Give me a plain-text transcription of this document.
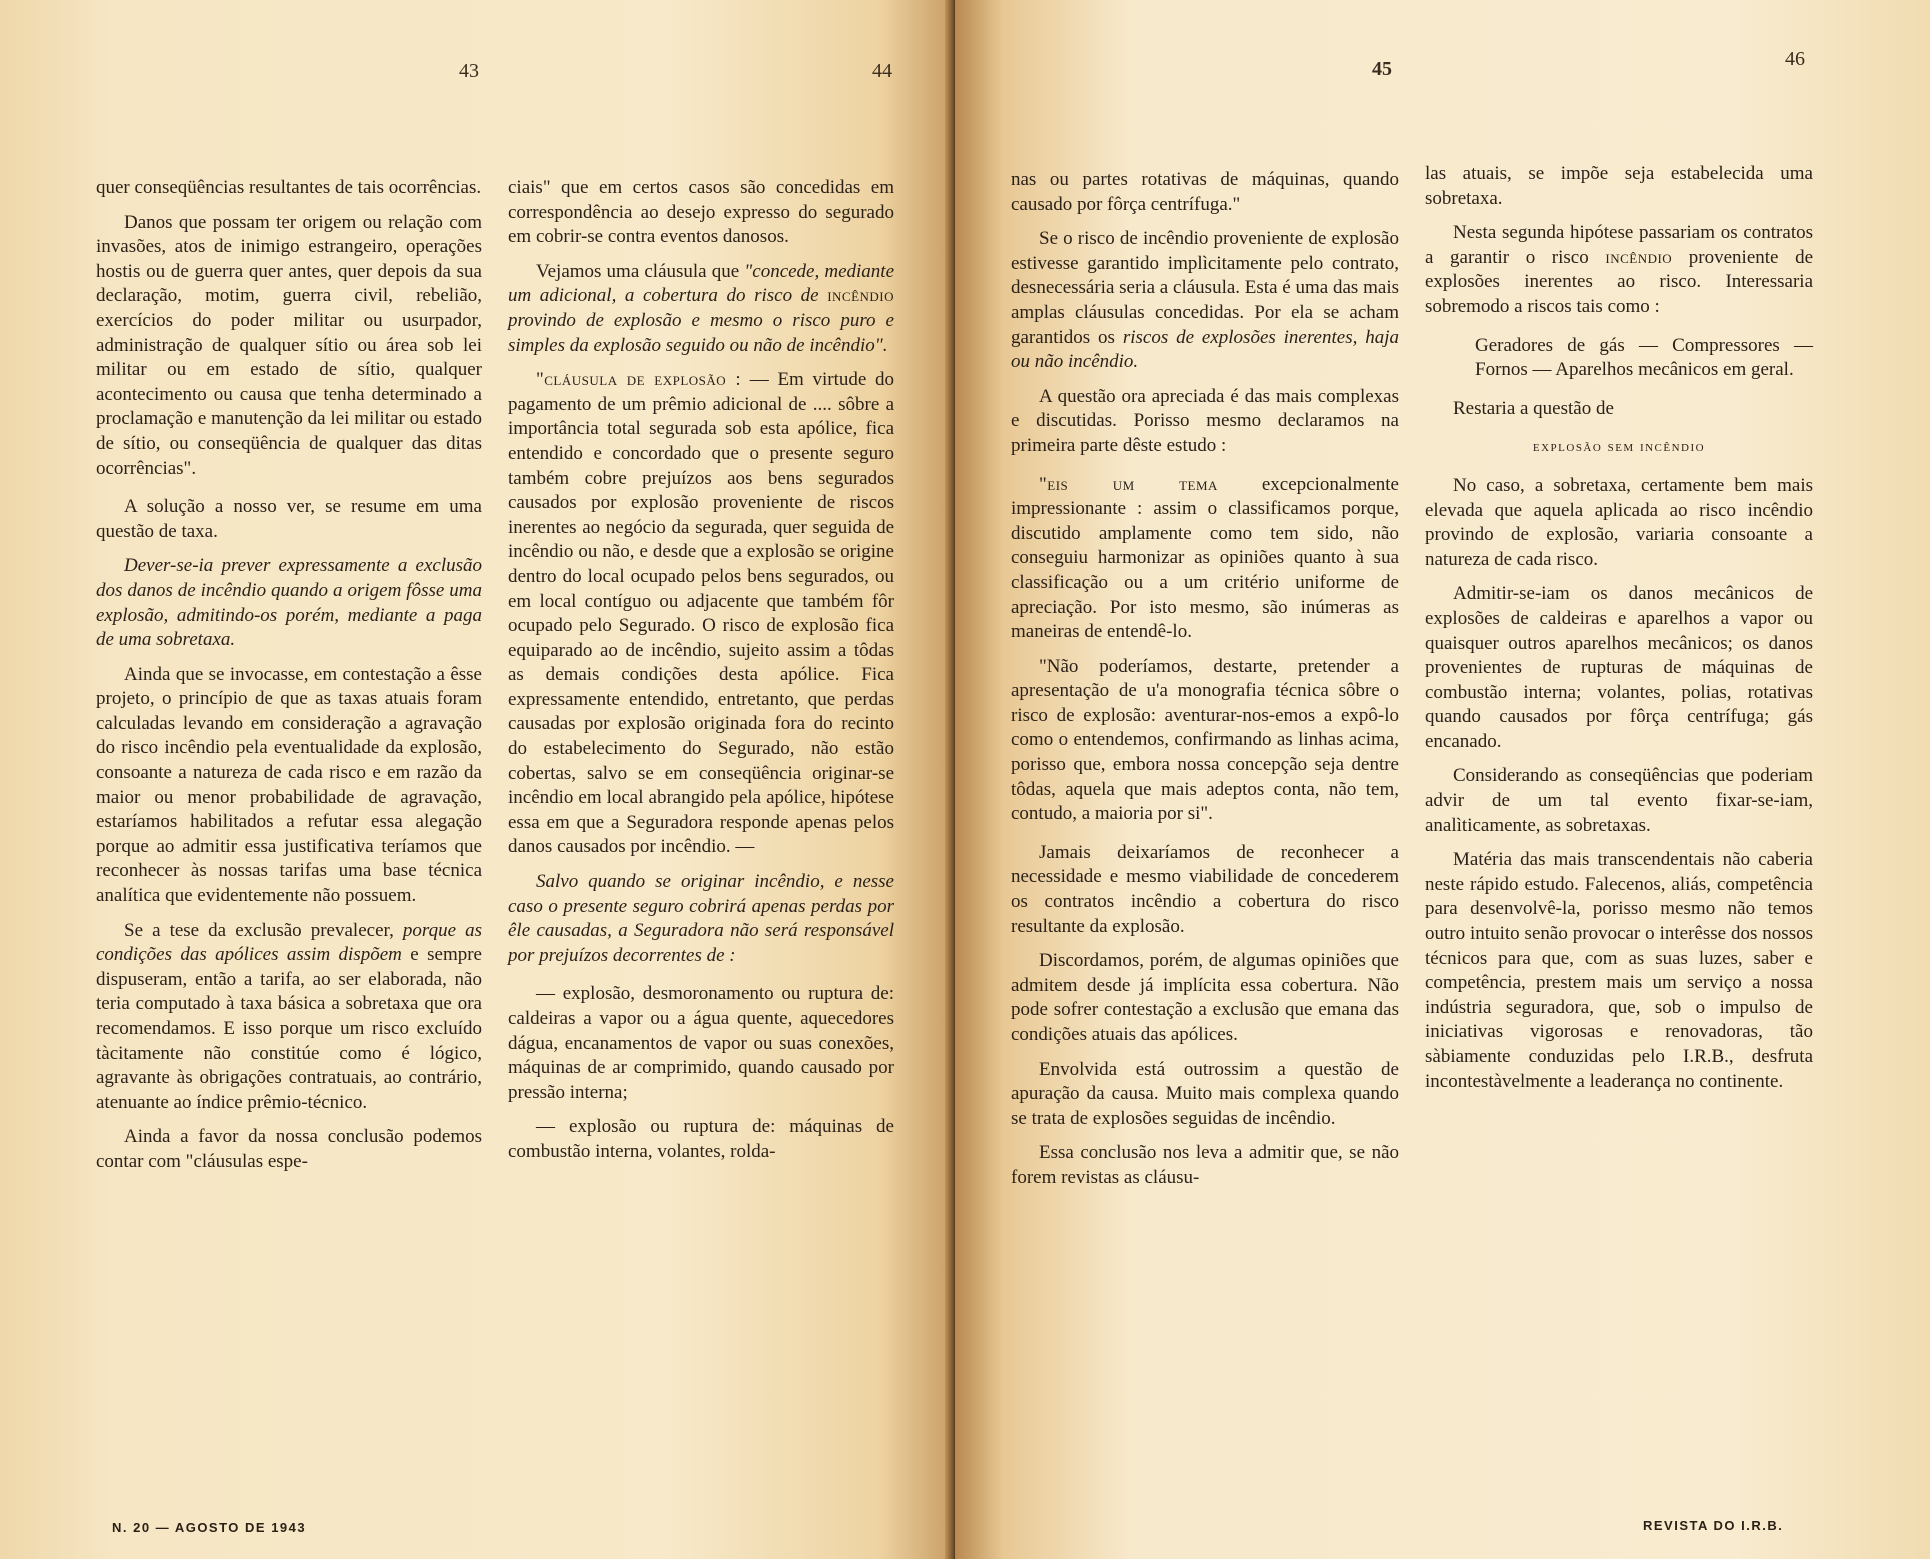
43	44

quer conseqüências resultantes de tais ocorrências.

Danos que possam ter origem ou relação com invasões, atos de inimigo estrangeiro, operações hostis ou de guerra quer antes, quer depois da sua declaração, motim, guerra civil, rebelião, exercícios do poder militar ou usurpador, administração de qualquer sítio ou área sob lei militar ou em estado de sítio, qualquer acontecimento ou causa que tenha determinado a proclamação e manutenção da lei militar ou estado de sítio, ou conseqüência de qualquer das ditas ocorrências".

A solução a nosso ver, se resume em uma questão de taxa.

Dever-se-ia prever expressamente a exclusão dos danos de incêndio quando a origem fôsse uma explosão, admitindo-os porém, mediante a paga de uma sobretaxa.

Ainda que se invocasse, em contestação a êsse projeto, o princípio de que as taxas atuais foram calculadas levando em consideração a agravação do risco incêndio pela eventualidade da explosão, consoante a natureza de cada risco e em razão da maior ou menor probabilidade de agravação, estaríamos habilitados a refutar essa alegação porque ao admitir essa justificativa teríamos que reconhecer às nossas tarifas uma base técnica analítica que evidentemente não possuem.

Se a tese da exclusão prevalecer, porque as condições das apólices assim dispõem e sempre dispuseram, então a tarifa, ao ser elaborada, não teria computado à taxa básica a sobretaxa que ora recomendamos. E isso porque um risco excluído tàcitamente não constitúe como é lógico, agravante às obrigações contratuais, ao contrário, atenuante ao índice prêmio-técnico.

Ainda a favor da nossa conclusão podemos contar com "cláusulas espe-

ciais" que em certos casos são concedidas em correspondência ao desejo expresso do segurado em cobrir-se contra eventos danosos.

Vejamos uma cláusula que "concede, mediante um adicional, a cobertura do risco de incêndio provindo de explosão e mesmo o risco puro e simples da explosão seguido ou não de incêndio".

"cláusula de explosão : — Em virtude do pagamento de um prêmio adicional de .... sôbre a importância total segurada sob esta apólice, fica entendido e concordado que o presente seguro também cobre prejuízos aos bens segurados causados por explosão proveniente de riscos inerentes ao negócio da segurada, quer seguida de incêndio ou não, e desde que a explosão se origine dentro do local ocupado pelos bens segurados, ou em local contíguo ou adjacente que também fôr ocupado pelo Segurado. O risco de explosão fica equiparado ao de incêndio, sujeito assim a tôdas as demais condições desta apólice. Fica expressamente entendido, entretanto, que perdas causadas por explosão originada fora do recinto do estabelecimento do Segurado, não estão cobertas, salvo se em conseqüência originar-se incêndio em local abrangido pela apólice, hipótese essa em que a Seguradora responde apenas pelos danos causados por incêndio. —

Salvo quando se originar incêndio, e nesse caso o presente seguro cobrirá apenas perdas por êle causadas, a Seguradora não será responsável por prejuízos decorrentes de :

— explosão, desmoronamento ou ruptura de: caldeiras a vapor ou a água quente, aquecedores dágua, encanamentos de vapor ou suas conexões, máquinas de ar comprimido, quando causado por pressão interna;

— explosão ou ruptura de: máquinas de combustão interna, volantes, rolda-

N. 20 — AGOSTO DE 1943
45	46

nas ou partes rotativas de máquinas, quando causado por fôrça centrífuga."

Se o risco de incêndio proveniente de explosão estivesse garantido implìcitamente pelo contrato, desnecessária seria a cláusula. Esta é uma das mais amplas cláusulas concedidas. Por ela se acham garantidos os riscos de explosões inerentes, haja ou não incêndio.

A questão ora apreciada é das mais complexas e discutidas. Porisso mesmo declaramos na primeira parte dêste estudo :

"eis um tema excepcionalmente impressionante : assim o classificamos porque, discutido amplamente como tem sido, não conseguiu harmonizar as opiniões quanto à sua classificação ou a um critério uniforme de apreciação. Por isto mesmo, são inúmeras as maneiras de entendê-lo.

"Não poderíamos, destarte, pretender a apresentação de u'a monografia técnica sôbre o risco de explosão: aventurar-nos-emos a expô-lo como o entendemos, confirmando as linhas acima, porisso que, embora nossa concepção seja dentre tôdas, aquela que mais adeptos conta, não tem, contudo, a maioria por si".

Jamais deixaríamos de reconhecer a necessidade e mesmo viabilidade de concederem os contratos incêndio a cobertura do risco resultante da explosão.

Discordamos, porém, de algumas opiniões que admitem desde já implícita essa cobertura. Não pode sofrer contestação a exclusão que emana das condições atuais das apólices.

Envolvida está outrossim a questão de apuração da causa. Muito mais complexa quando se trata de explosões seguidas de incêndio.

Essa conclusão nos leva a admitir que, se não forem revistas as cláusu-

las atuais, se impõe seja estabelecida uma sobretaxa.

Nesta segunda hipótese passariam os contratos a garantir o risco incêndio proveniente de explosões inerentes ao risco. Interessaria sobremodo a riscos tais como :

Geradores de gás — Compressores — Fornos — Aparelhos mecânicos em geral.

Restaria a questão de

explosão sem incêndio

No caso, a sobretaxa, certamente bem mais elevada que aquela aplicada ao risco incêndio provindo de explosão, variaria consoante a natureza de cada risco.

Admitir-se-iam os danos mecânicos de explosões de caldeiras e aparelhos a vapor ou quaisquer outros aparelhos mecânicos; os danos provenientes de rupturas de máquinas de combustão interna; volantes, polias, rotativas quando causados por fôrça centrífuga; gás encanado.

Considerando as conseqüências que poderiam advir de um tal evento fixar-se-iam, analìticamente, as sobretaxas.

Matéria das mais transcendentais não caberia neste rápido estudo. Falecenos, aliás, competência para desenvolvê-la, porisso mesmo não temos outro intuito senão provocar o interêsse dos nossos técnicos para que, com as suas luzes, saber e competência, prestem mais um serviço a nossa indústria seguradora, que, sob o impulso de iniciativas vigorosas e renovadoras, tão sàbiamente conduzidas pelo I.R.B., desfruta incontestàvelmente a leaderança no continente.

REVISTA DO I.R.B.
